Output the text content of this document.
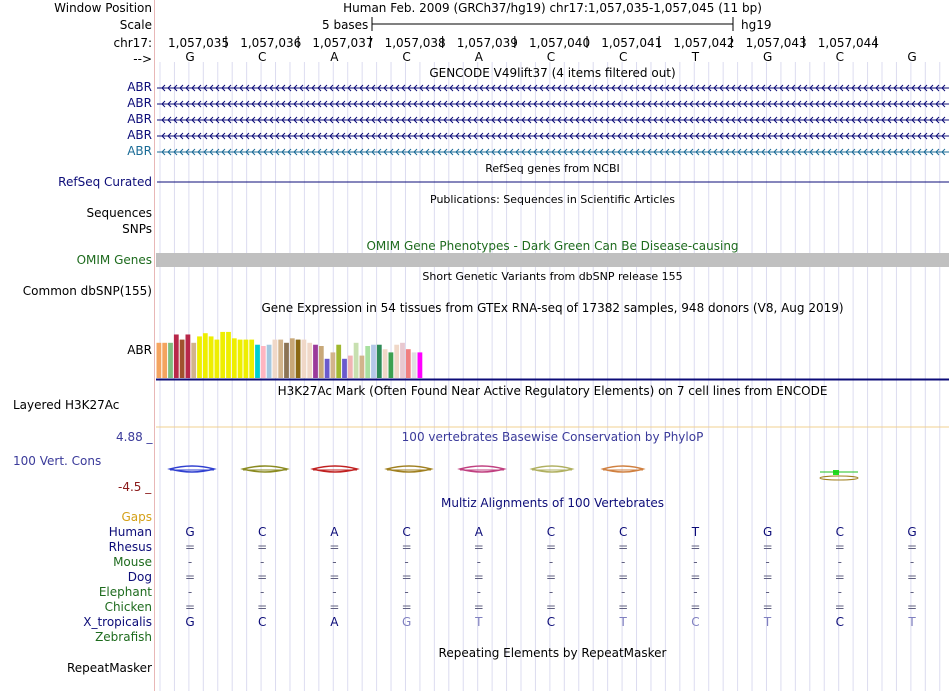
Window Position	Human Feb. 2009 (GRCh37/hg19) chr17:1,057,035-1,057,045 (11 bp)
Scale	5 bases	hg19
chr17:
-->
1,057,035 1,057,036 1,057,037 1,057,038 1,057,039 1,057,040 1,057,041 1,057,042 1,057,043 1,057,044
G	C	A	C	A	C	C	T	G	C	G
GENCODE V49lift37 (4 items filtered out)
ABR
ABR
ABR
ABR
ABR
RefSeq genes from NCBI
RefSeq Curated
Publications: Sequences in Scientific Articles
Sequences
SNPs
OMIM Gene Phenotypes - Dark Green Can Be Disease-causing
OMIM Genes
Short Genetic Variants from dbSNP release 155
Common dbSNP(155)
Gene Expression in 54 tissues from GTEx RNA-seq of 17382 samples, 948 donors (V8, Aug 2019)
ABR
H3K27Ac Mark (Often Found Near Active Regulatory Elements) on 7 cell lines from ENCODE
Layered H3K27Ac
100 vertebrates Basewise Conservation by PhyloP
4.88 _
100 Vert. Cons
-4.5 _
Multiz Alignments of 100 Vertebrates
Gaps
Human	G	C	A	C	A	C	C	T	G	C	G
Rhesus	=	=	=	=	=	=	=	=	=	=	=
Mouse	-	-	-	-	-	-	-	-	-	-	-
Dog	=	=	=	=	=	=	=	=	=	=	=
Elephant	-	-	-	-	-	-	-	-	-	-	-
Chicken	=	=	=	=	=	=	=	=	=	=	=
X_tropicalis	G	C	A	G	T	C	T	C	T	C	T
Zebrafish
Repeating Elements by RepeatMasker
RepeatMasker
